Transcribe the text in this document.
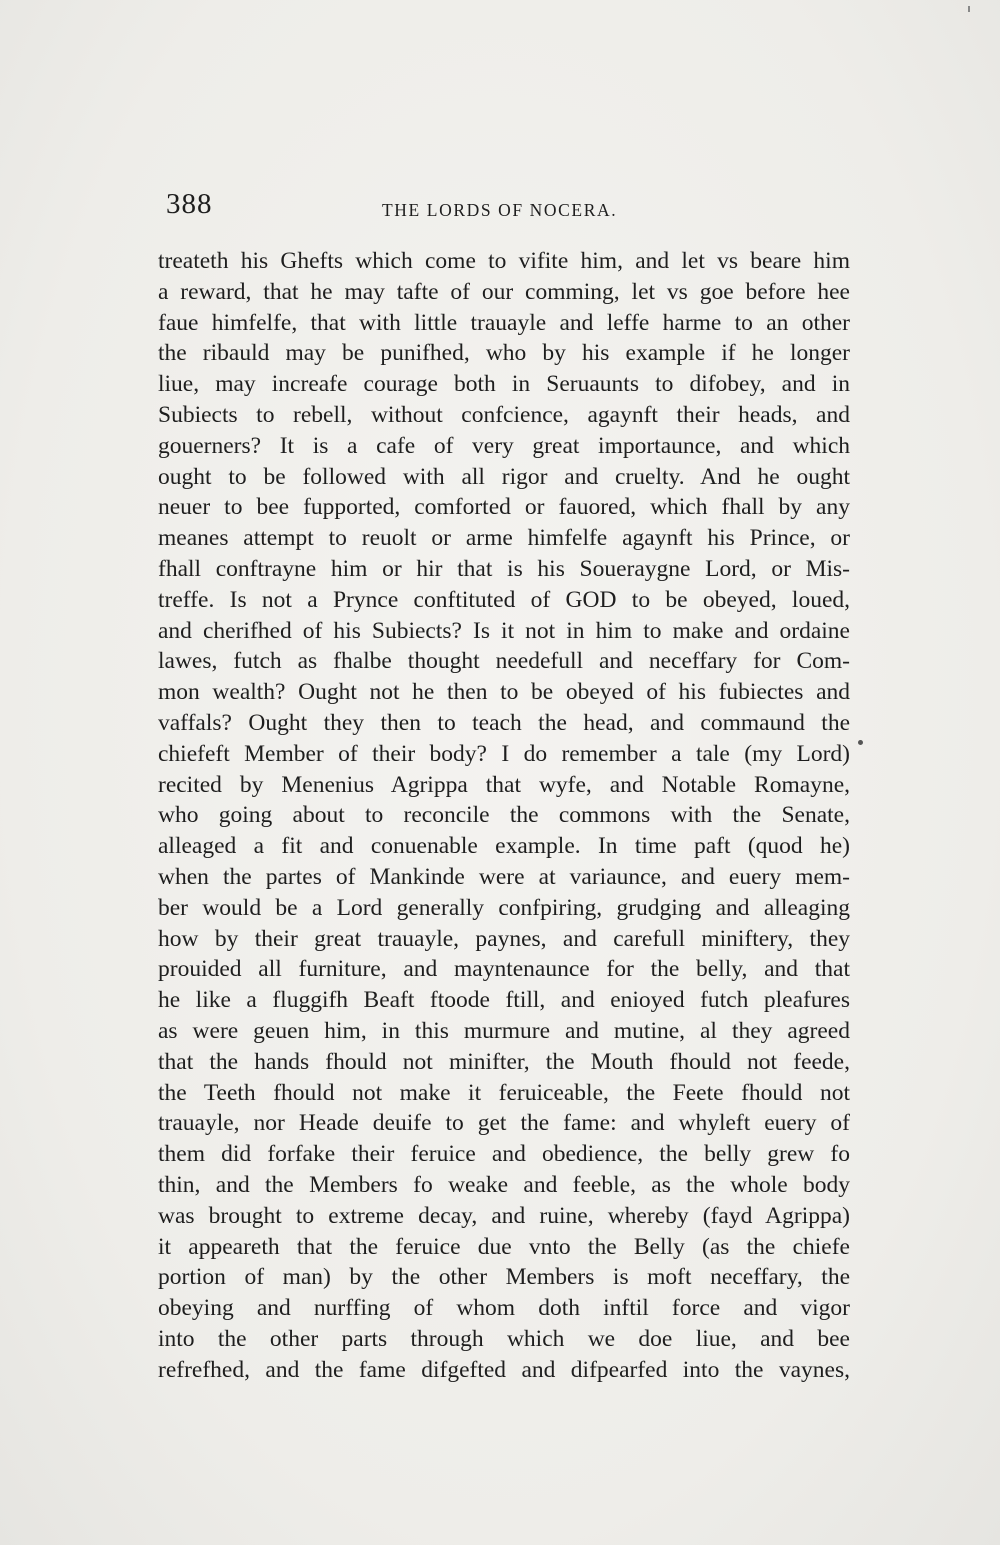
388	THE LORDS OF NOCERA.
treateth his Ghefts which come to vifite him, and let vs beare him
a reward, that he may tafte of our comming, let vs goe before hee
faue himfelfe, that with little trauayle and leffe harme to an other
the ribauld may be punifhed, who by his example if he longer
liue, may increafe courage both in Seruaunts to difobey, and in
Subiects to rebell, without confcience, agaynft their heads, and
gouerners? It is a cafe of very great importaunce, and which
ought to be followed with all rigor and cruelty. And he ought
neuer to bee fupported, comforted or fauored, which fhall by any
meanes attempt to reuolt or arme himfelfe agaynft his Prince, or
fhall conftrayne him or hir that is his Soueraygne Lord, or Mis-
treffe. Is not a Prynce conftituted of GOD to be obeyed, loued,
and cherifhed of his Subiects? Is it not in him to make and ordaine
lawes, futch as fhalbe thought needefull and neceffary for Com-
mon wealth? Ought not he then to be obeyed of his fubiectes and
vaffals? Ought they then to teach the head, and commaund the
chiefeft Member of their body? I do remember a tale (my Lord)
recited by Menenius Agrippa that wyfe, and Notable Romayne,
who going about to reconcile the commons with the Senate,
alleaged a fit and conuenable example. In time paft (quod he)
when the partes of Mankinde were at variaunce, and euery mem-
ber would be a Lord generally confpiring, grudging and alleaging
how by their great trauayle, paynes, and carefull miniftery, they
prouided all furniture, and mayntenaunce for the belly, and that
he like a fluggifh Beaft ftoode ftill, and enioyed futch pleafures
as were geuen him, in this murmure and mutine, al they agreed
that the hands fhould not minifter, the Mouth fhould not feede,
the Teeth fhould not make it feruiceable, the Feete fhould not
trauayle, nor Heade deuife to get the fame: and whyleft euery of
them did forfake their feruice and obedience, the belly grew fo
thin, and the Members fo weake and feeble, as the whole body
was brought to extreme decay, and ruine, whereby (fayd Agrippa)
it appeareth that the feruice due vnto the Belly (as the chiefe
portion of man) by the other Members is moft neceffary, the
obeying and nurffing of whom doth inftil force and vigor
into the other parts through which we doe liue, and bee
refrefhed, and the fame difgefted and difpearfed into the vaynes,
